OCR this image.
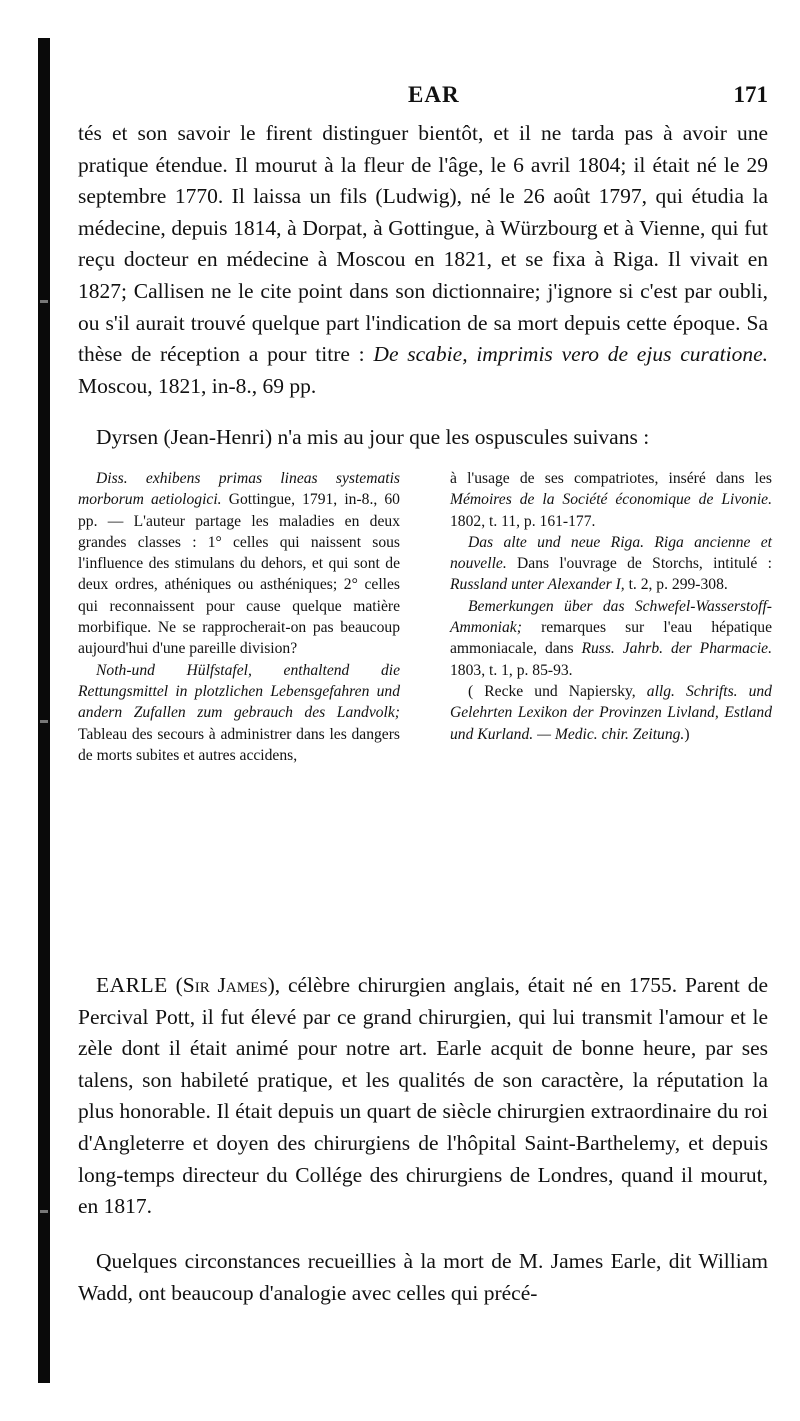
EAR	171

tés et son savoir le firent distinguer bientôt, et il ne tarda pas à avoir une pratique étendue. Il mourut à la fleur de l'âge, le 6 avril 1804; il était né le 29 septembre 1770. Il laissa un fils (Ludwig), né le 26 août 1797, qui étudia la médecine, depuis 1814, à Dorpat, à Gottingue, à Würzbourg et à Vienne, qui fut reçu docteur en médecine à Moscou en 1821, et se fixa à Riga. Il vivait en 1827; Callisen ne le cite point dans son dictionnaire; j'ignore si c'est par oubli, ou s'il aurait trouvé quelque part l'indication de sa mort depuis cette époque. Sa thèse de réception a pour titre : De scabie, imprimis vero de ejus curatione. Moscou, 1821, in-8., 69 pp.

Dyrsen (Jean-Henri) n'a mis au jour que les ospuscules suivans :

Diss. exhibens primas lineas systematis morborum aetiologici. Gottingue, 1791, in-8., 60 pp. — L'auteur partage les maladies en deux grandes classes : 1° celles qui naissent sous l'influence des stimulans du dehors, et qui sont de deux ordres, athéniques ou asthéniques; 2° celles qui reconnaissent pour cause quelque matière morbifique. Ne se rapprocherait-on pas beaucoup aujourd'hui d'une pareille division?

Noth-und Hülfstafel, enthaltend die Rettungsmittel in plotzlichen Lebensgefahren und andern Zufallen zum gebrauch des Landvolk; Tableau des secours à administrer dans les dangers de morts subites et autres accidens,

à l'usage de ses compatriotes, inséré dans les Mémoires de la Société économique de Livonie. 1802, t. 11, p. 161-177.

Das alte und neue Riga. Riga ancienne et nouvelle. Dans l'ouvrage de Storchs, intitulé : Russland unter Alexander I, t. 2, p. 299-308.

Bemerkungen über das Schwefel-Wasserstoff-Ammoniak; remarques sur l'eau hépatique ammoniacale, dans Russ. Jahrb. der Pharmacie. 1803, t. 1, p. 85-93.

( Recke und Napiersky, allg. Schrifts. und Gelehrten Lexikon der Provinzen Livland, Estland und Kurland. — Medic. chir. Zeitung.)

EARLE (Sir James), célèbre chirurgien anglais, était né en 1755. Parent de Percival Pott, il fut élevé par ce grand chirurgien, qui lui transmit l'amour et le zèle dont il était animé pour notre art. Earle acquit de bonne heure, par ses talens, son habileté pratique, et les qualités de son caractère, la réputation la plus honorable. Il était depuis un quart de siècle chirurgien extraordinaire du roi d'Angleterre et doyen des chirurgiens de l'hôpital Saint-Barthelemy, et depuis long-temps directeur du Collége des chirurgiens de Londres, quand il mourut, en 1817.

Quelques circonstances recueillies à la mort de M. James Earle, dit William Wadd, ont beaucoup d'analogie avec celles qui précé-
